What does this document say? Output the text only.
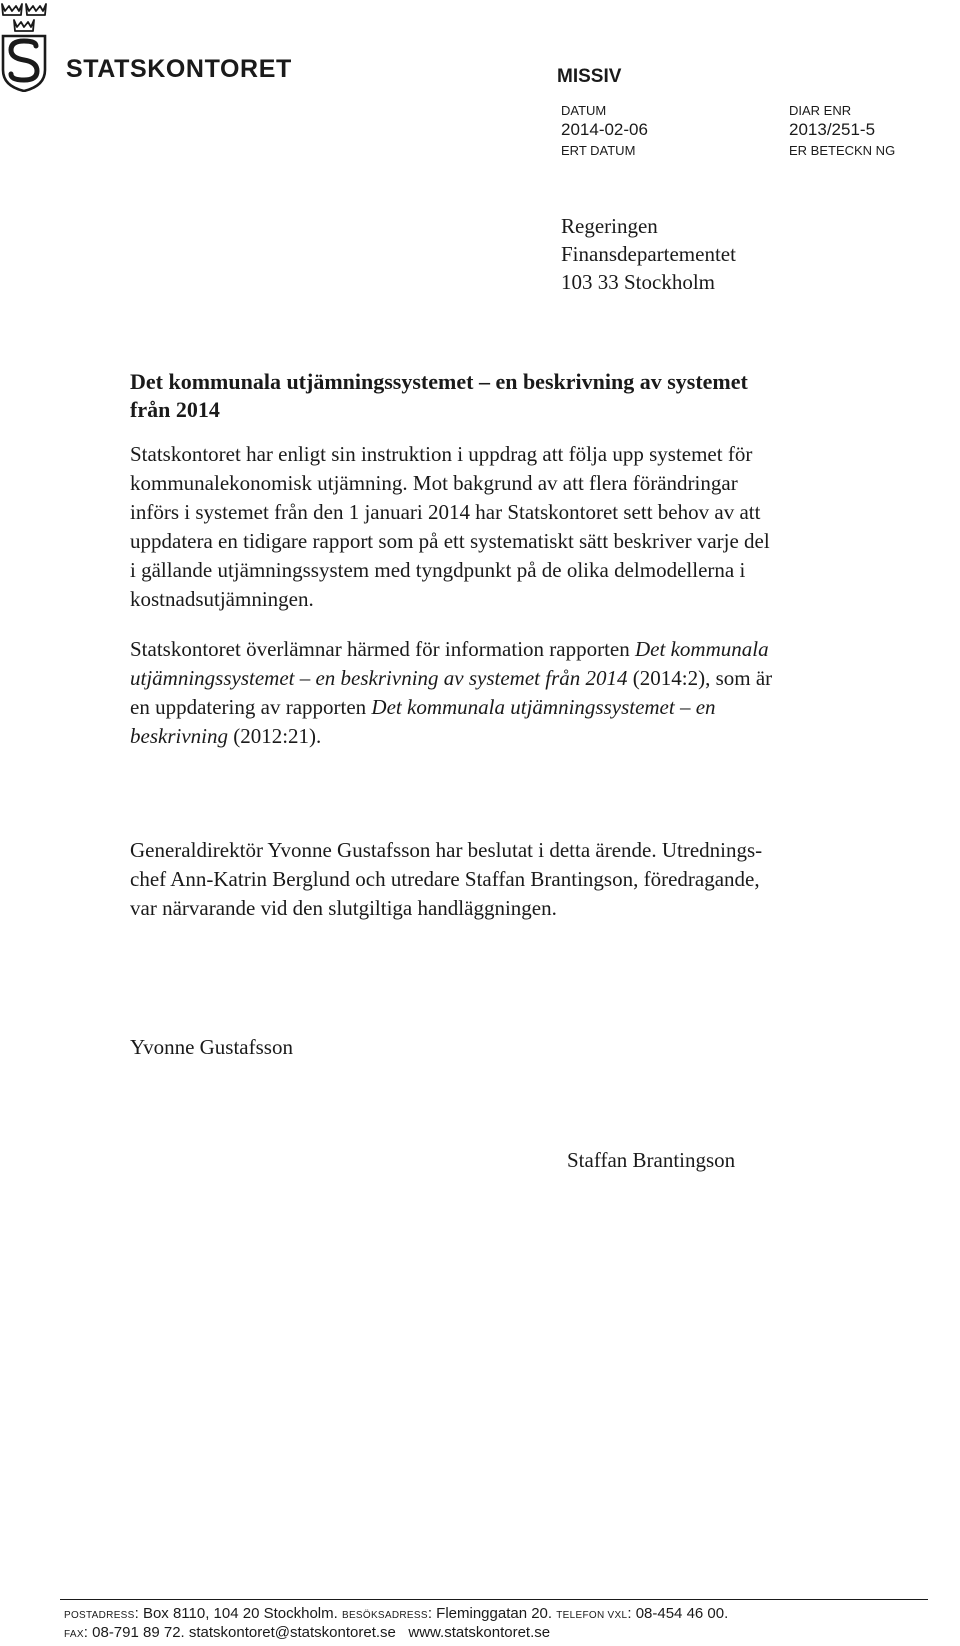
STATSKONTORET	MISSIV
DATUM
2014-02-06
ERT DATUM
DIAR ENR
2013/251-5
ER BETECKN NG
Regeringen
Finansdepartementet
103 33 Stockholm
Det kommunala utjämningssystemet – en beskrivning av systemet
från 2014

Statskontoret har enligt sin instruktion i uppdrag att följa upp systemet för
kommunalekonomisk utjämning. Mot bakgrund av att flera förändringar
införs i systemet från den 1 januari 2014 har Statskontoret sett behov av att
uppdatera en tidigare rapport som på ett systematiskt sätt beskriver varje del
i gällande utjämningssystem med tyngdpunkt på de olika delmodellerna i
kostnadsutjämningen.

Statskontoret överlämnar härmed för information rapporten Det kommunala
utjämningssystemet – en beskrivning av systemet från 2014 (2014:2), som är
en uppdatering av rapporten Det kommunala utjämningssystemet – en
beskrivning (2012:21).

Generaldirektör Yvonne Gustafsson har beslutat i detta ärende. Utrednings-
chef Ann-Katrin Berglund och utredare Staffan Brantingson, föredragande,
var närvarande vid den slutgiltiga handläggningen.

Yvonne Gustafsson
Staffan Brantingson
POSTADRESS: Box 8110, 104 20 Stockholm. BESÖKSADRESS: Fleminggatan 20. TELEFON VXL: 08-454 46 00.
FAX: 08-791 89 72. statskontoret@statskontoret.se   www.statskontoret.se
